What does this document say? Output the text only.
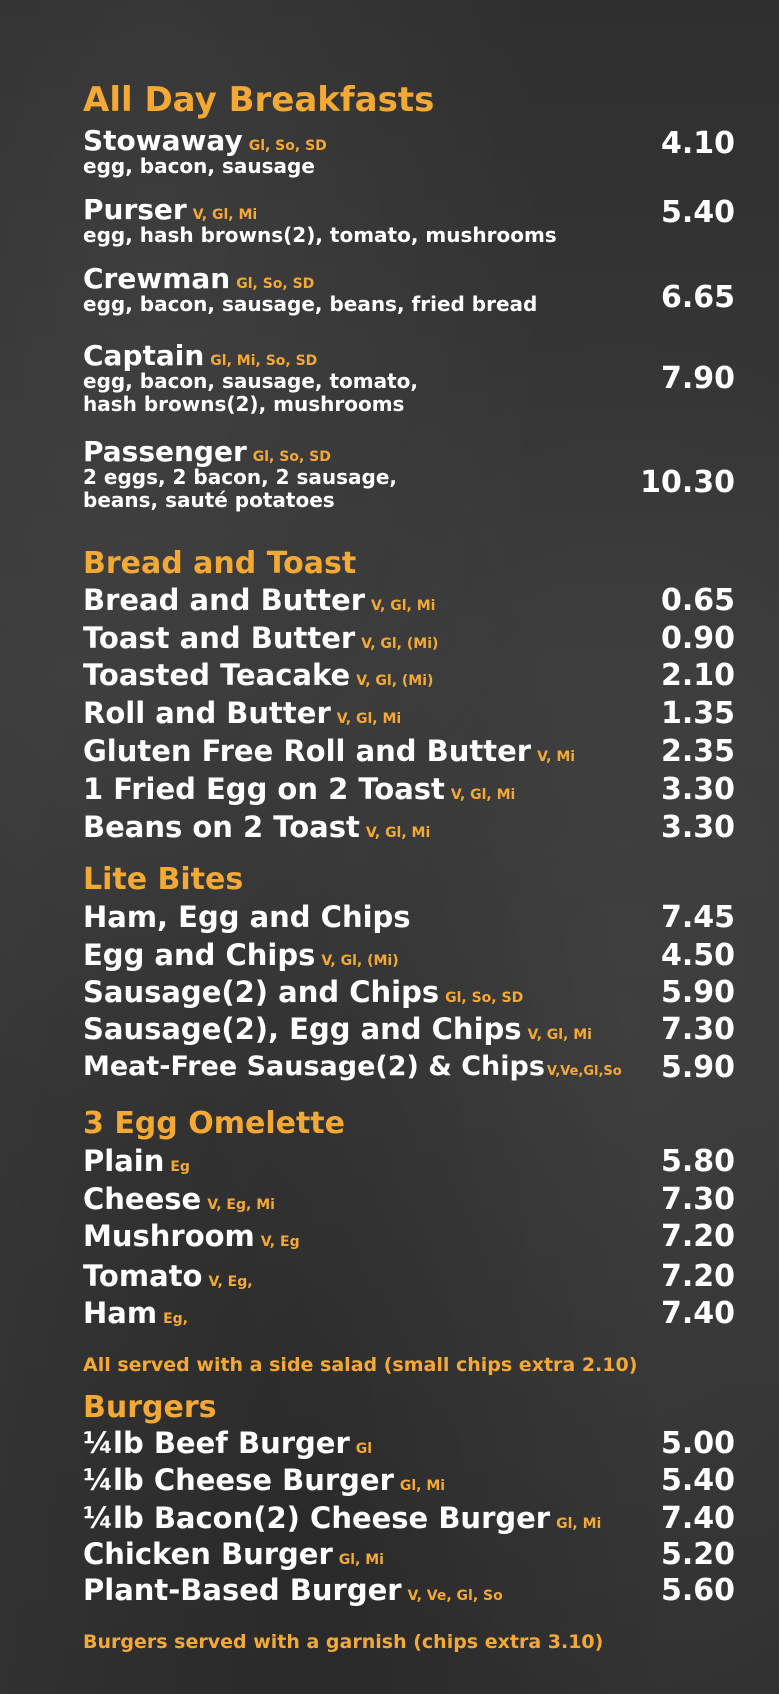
All Day Breakfasts
Stowaway Gl, So, SD
egg, bacon, sausage
4.10
Purser V, Gl, Mi
egg, hash browns(2), tomato, mushrooms
5.40
Crewman Gl, So, SD
egg, bacon, sausage, beans, fried bread	6.65
Captain Gl, Mi, So, SD
egg, bacon, sausage, tomato,
hash browns(2), mushrooms
7.90
Passenger Gl, So, SD
2 eggs, 2 bacon, 2 sausage,
beans, sauté potatoes	10.30
Bread and Toast
Bread and Butter V, Gl, Mi	0.65
Toast and Butter V, Gl, (Mi)	0.90
Toasted Teacake V, Gl, (Mi)	2.10
Roll and Butter V, Gl, Mi	1.35
Gluten Free Roll and Butter V, Mi	2.35
1 Fried Egg on 2 Toast V, Gl, Mi	3.30
Beans on 2 Toast V, Gl, Mi	3.30
Lite Bites
Ham, Egg and Chips	7.45
Egg and Chips V, Gl, (Mi)	4.50
Sausage(2) and Chips Gl, So, SD	5.90
Sausage(2), Egg and Chips V, Gl, Mi 7.30
Meat-Free Sausage(2) & Chips V,Ve,Gl,So 5.90
3 Egg Omelette
Plain Eg	5.80
Cheese V, Eg, Mi	7.30
Mushroom V, Eg	7.20
Tomato V, Eg,	7.20
Ham Eg,	7.40
All served with a side salad (small chips extra 2.10)
Burgers
¼lb Beef Burger Gl	5.00
¼lb Cheese Burger Gl, Mi	5.40
¼lb Bacon(2) Cheese Burger Gl, Mi 7.40
Chicken Burger Gl, Mi	5.20
Plant-Based Burger V, Ve, Gl, So	5.60
Burgers served with a garnish (chips extra 3.10)
